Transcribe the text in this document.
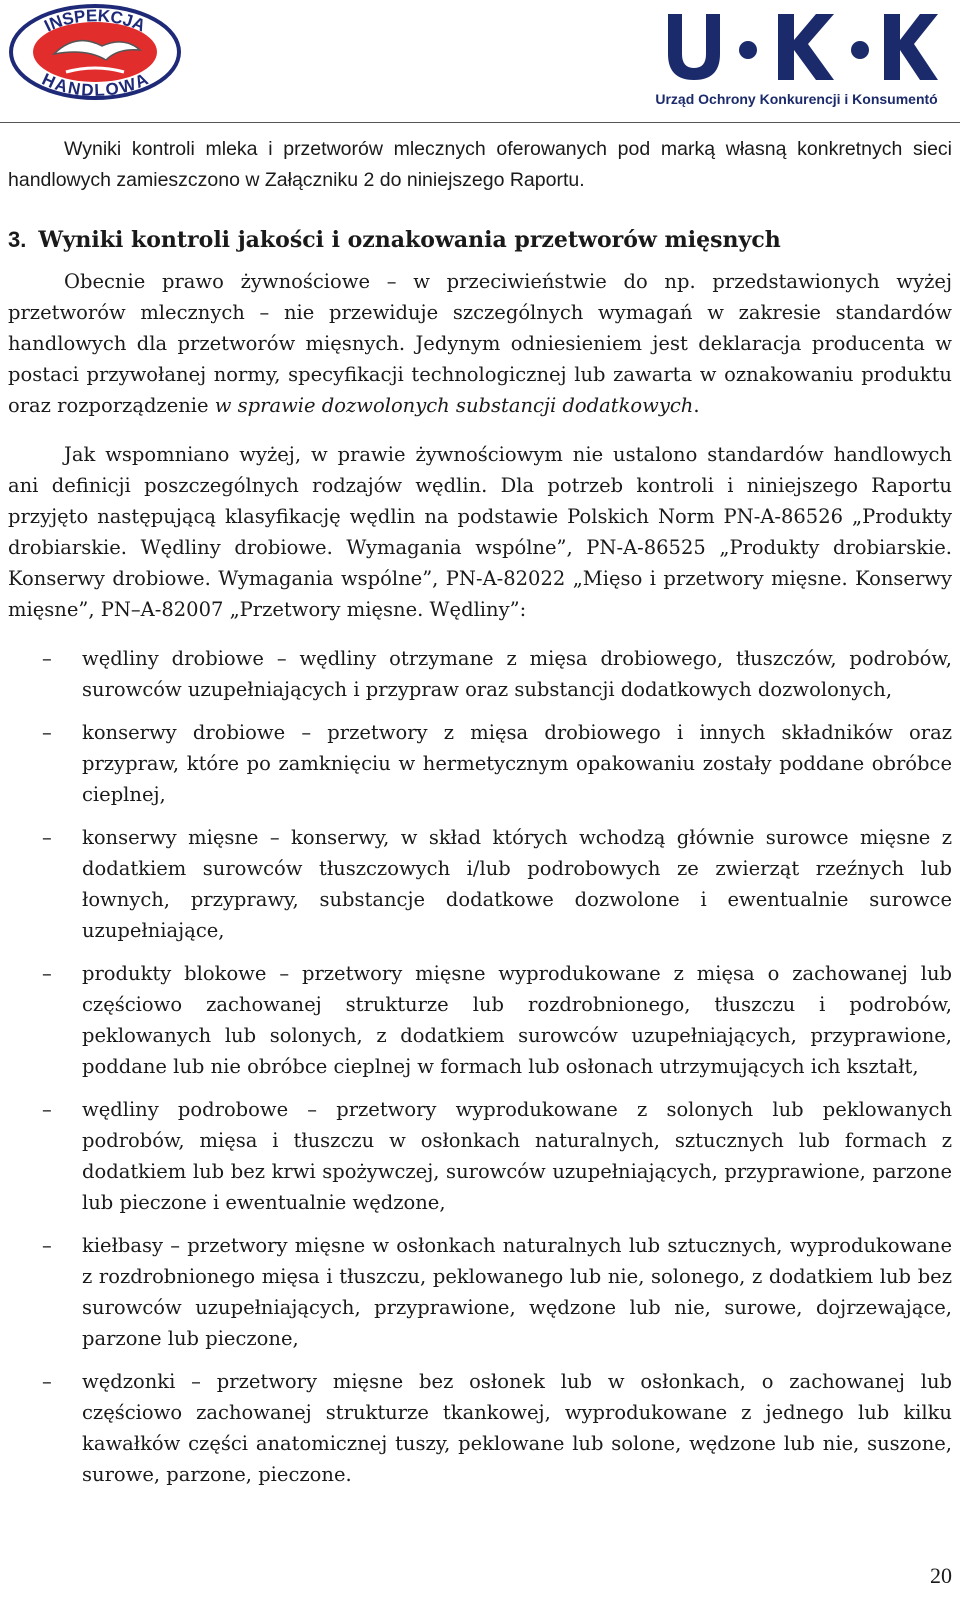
INSPEKCJA
HANDLOWA
Urząd Ochrony Konkurencji i Konsumentów

Wyniki kontroli mleka i przetworów mlecznych oferowanych pod marką własną konkretnych sieci handlowych zamieszczono w Załączniku 2 do niniejszego Raportu.

3. Wyniki kontroli jakości i oznakowania przetworów mięsnych

Obecnie prawo żywnościowe – w przeciwieństwie do np. przedstawionych wyżej przetworów mlecznych – nie przewiduje szczególnych wymagań w zakresie standardów handlowych dla przetworów mięsnych. Jedynym odniesieniem jest deklaracja producenta w postaci przywołanej normy, specyfikacji technologicznej lub zawarta w oznakowaniu produktu oraz rozporządzenie w sprawie dozwolonych substancji dodatkowych.

Jak wspomniano wyżej, w prawie żywnościowym nie ustalono standardów handlowych ani definicji poszczególnych rodzajów wędlin. Dla potrzeb kontroli i niniejszego Raportu przyjęto następującą klasyfikację wędlin na podstawie Polskich Norm PN-A-86526 „Produkty drobiarskie. Wędliny drobiowe. Wymagania wspólne”, PN-A-86525 „Produkty drobiarskie. Konserwy drobiowe. Wymagania wspólne”, PN-A-82022 „Mięso i przetwory mięsne. Konserwy mięsne”, PN–A-82007 „Przetwory mięsne. Wędliny”:

– wędliny drobiowe – wędliny otrzymane z mięsa drobiowego, tłuszczów, podrobów, surowców uzupełniających i przypraw oraz substancji dodatkowych dozwolonych,
– konserwy drobiowe – przetwory z mięsa drobiowego i innych składników oraz przypraw, które po zamknięciu w hermetycznym opakowaniu zostały poddane obróbce cieplnej,
– konserwy mięsne – konserwy, w skład których wchodzą głównie surowce mięsne z dodatkiem surowców tłuszczowych i/lub podrobowych ze zwierząt rzeźnych lub łownych, przyprawy, substancje dodatkowe dozwolone i ewentualnie surowce uzupełniające,
– produkty blokowe – przetwory mięsne wyprodukowane z mięsa o zachowanej lub częściowo zachowanej strukturze lub rozdrobnionego, tłuszczu i podrobów, peklowanych lub solonych, z dodatkiem surowców uzupełniających, przyprawione, poddane lub nie obróbce cieplnej w formach lub osłonach utrzymujących ich kształt,
– wędliny podrobowe – przetwory wyprodukowane z solonych lub peklowanych podrobów, mięsa i tłuszczu w osłonkach naturalnych, sztucznych lub formach z dodatkiem lub bez krwi spożywczej, surowców uzupełniających, przyprawione, parzone lub pieczone i ewentualnie wędzone,
– kiełbasy – przetwory mięsne w osłonkach naturalnych lub sztucznych, wyprodukowane z rozdrobnionego mięsa i tłuszczu, peklowanego lub nie, solonego, z dodatkiem lub bez surowców uzupełniających, przyprawione, wędzone lub nie, surowe, dojrzewające, parzone lub pieczone,
– wędzonki – przetwory mięsne bez osłonek lub w osłonkach, o zachowanej lub częściowo zachowanej strukturze tkankowej, wyprodukowane z jednego lub kilku kawałków części anatomicznej tuszy, peklowane lub solone, wędzone lub nie, suszone, surowe, parzone, pieczone.
20
